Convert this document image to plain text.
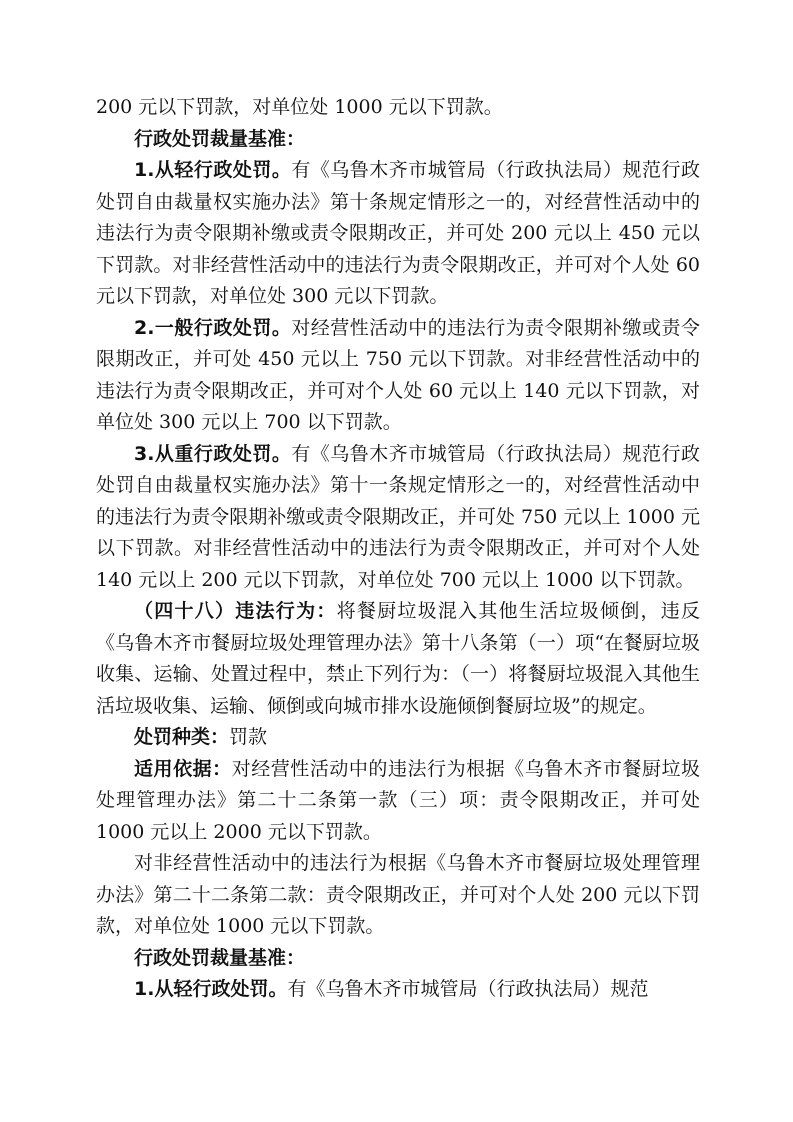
200 元以下罚款，对单位处 1000 元以下罚款。

行政处罚裁量基准：

1.从轻行政处罚。有《乌鲁木齐市城管局（行政执法局）规范行政处罚自由裁量权实施办法》第十条规定情形之一的，对经营性活动中的违法行为责令限期补缴或责令限期改正，并可处 200 元以上 450 元以下罚款。对非经营性活动中的违法行为责令限期改正，并可对个人处 60 元以下罚款，对单位处 300 元以下罚款。

2.一般行政处罚。对经营性活动中的违法行为责令限期补缴或责令限期改正，并可处 450 元以上 750 元以下罚款。对非经营性活动中的违法行为责令限期改正，并可对个人处 60 元以上 140 元以下罚款，对单位处 300 元以上 700 以下罚款。

3.从重行政处罚。有《乌鲁木齐市城管局（行政执法局）规范行政处罚自由裁量权实施办法》第十一条规定情形之一的，对经营性活动中的违法行为责令限期补缴或责令限期改正，并可处 750 元以上 1000 元以下罚款。对非经营性活动中的违法行为责令限期改正，并可对个人处 140 元以上 200 元以下罚款，对单位处 700 元以上 1000 以下罚款。

（四十八）违法行为：将餐厨垃圾混入其他生活垃圾倾倒，违反《乌鲁木齐市餐厨垃圾处理管理办法》第十八条第（一）项“在餐厨垃圾收集、运输、处置过程中，禁止下列行为：（一）将餐厨垃圾混入其他生活垃圾收集、运输、倾倒或向城市排水设施倾倒餐厨垃圾”的规定。

处罚种类：罚款

适用依据：对经营性活动中的违法行为根据《乌鲁木齐市餐厨垃圾处理管理办法》第二十二条第一款（三）项：责令限期改正，并可处 1000 元以上 2000 元以下罚款。

对非经营性活动中的违法行为根据《乌鲁木齐市餐厨垃圾处理管理办法》第二十二条第二款：责令限期改正，并可对个人处 200 元以下罚款，对单位处 1000 元以下罚款。

行政处罚裁量基准：

1.从轻行政处罚。有《乌鲁木齐市城管局（行政执法局）规范
